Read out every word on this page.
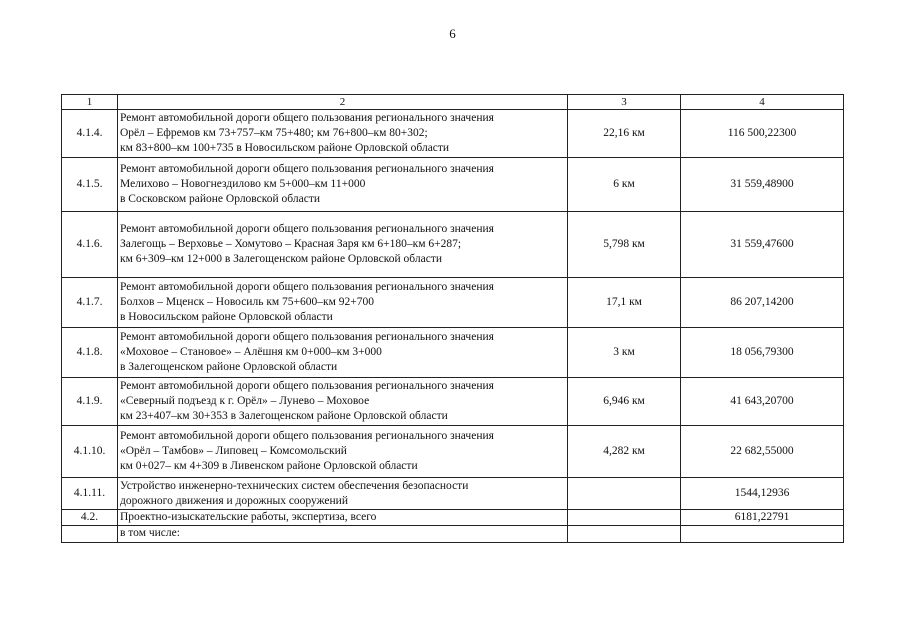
6
1	2	3	4
4.1.4.	Ремонт автомобильной дороги общего пользования регионального значения
Орёл – Ефремов км 73+757–км 75+480; км 76+800–км 80+302;
км 83+800–км 100+735 в Новосильском районе Орловской области	22,16 км	116 500,22300
4.1.5.	Ремонт автомобильной дороги общего пользования регионального значения
Мелихово – Новогнездилово км 5+000–км 11+000
в Сосковском районе Орловской области	6 км	31 559,48900
4.1.6.	Ремонт автомобильной дороги общего пользования регионального значения
Залегощь – Верховье – Хомутово – Красная Заря км 6+180–км 6+287;
км 6+309–км 12+000 в Залегощенском районе Орловской области	5,798 км	31 559,47600
4.1.7.	Ремонт автомобильной дороги общего пользования регионального значения
Болхов – Мценск – Новосиль км 75+600–км 92+700
в Новосильском районе Орловской области	17,1 км	86 207,14200
4.1.8.	Ремонт автомобильной дороги общего пользования регионального значения
«Моховое – Становое» – Алёшня км 0+000–км 3+000
в Залегощенском районе Орловской области	3 км	18 056,79300
4.1.9.	Ремонт автомобильной дороги общего пользования регионального значения
«Северный подъезд к г. Орёл» – Лунево – Моховое
км 23+407–км 30+353 в Залегощенском районе Орловской области	6,946 км	41 643,20700
4.1.10.	Ремонт автомобильной дороги общего пользования регионального значения
«Орёл – Тамбов» – Липовец – Комсомольский
км 0+027– км 4+309 в Ливенском районе Орловской области	4,282 км	22 682,55000
4.1.11.	Устройство инженерно-технических систем обеспечения безопасности
дорожного движения и дорожных сооружений		1544,12936
4.2.	Проектно-изыскательские работы, экспертиза, всего		6181,22791

	в том числе:		
